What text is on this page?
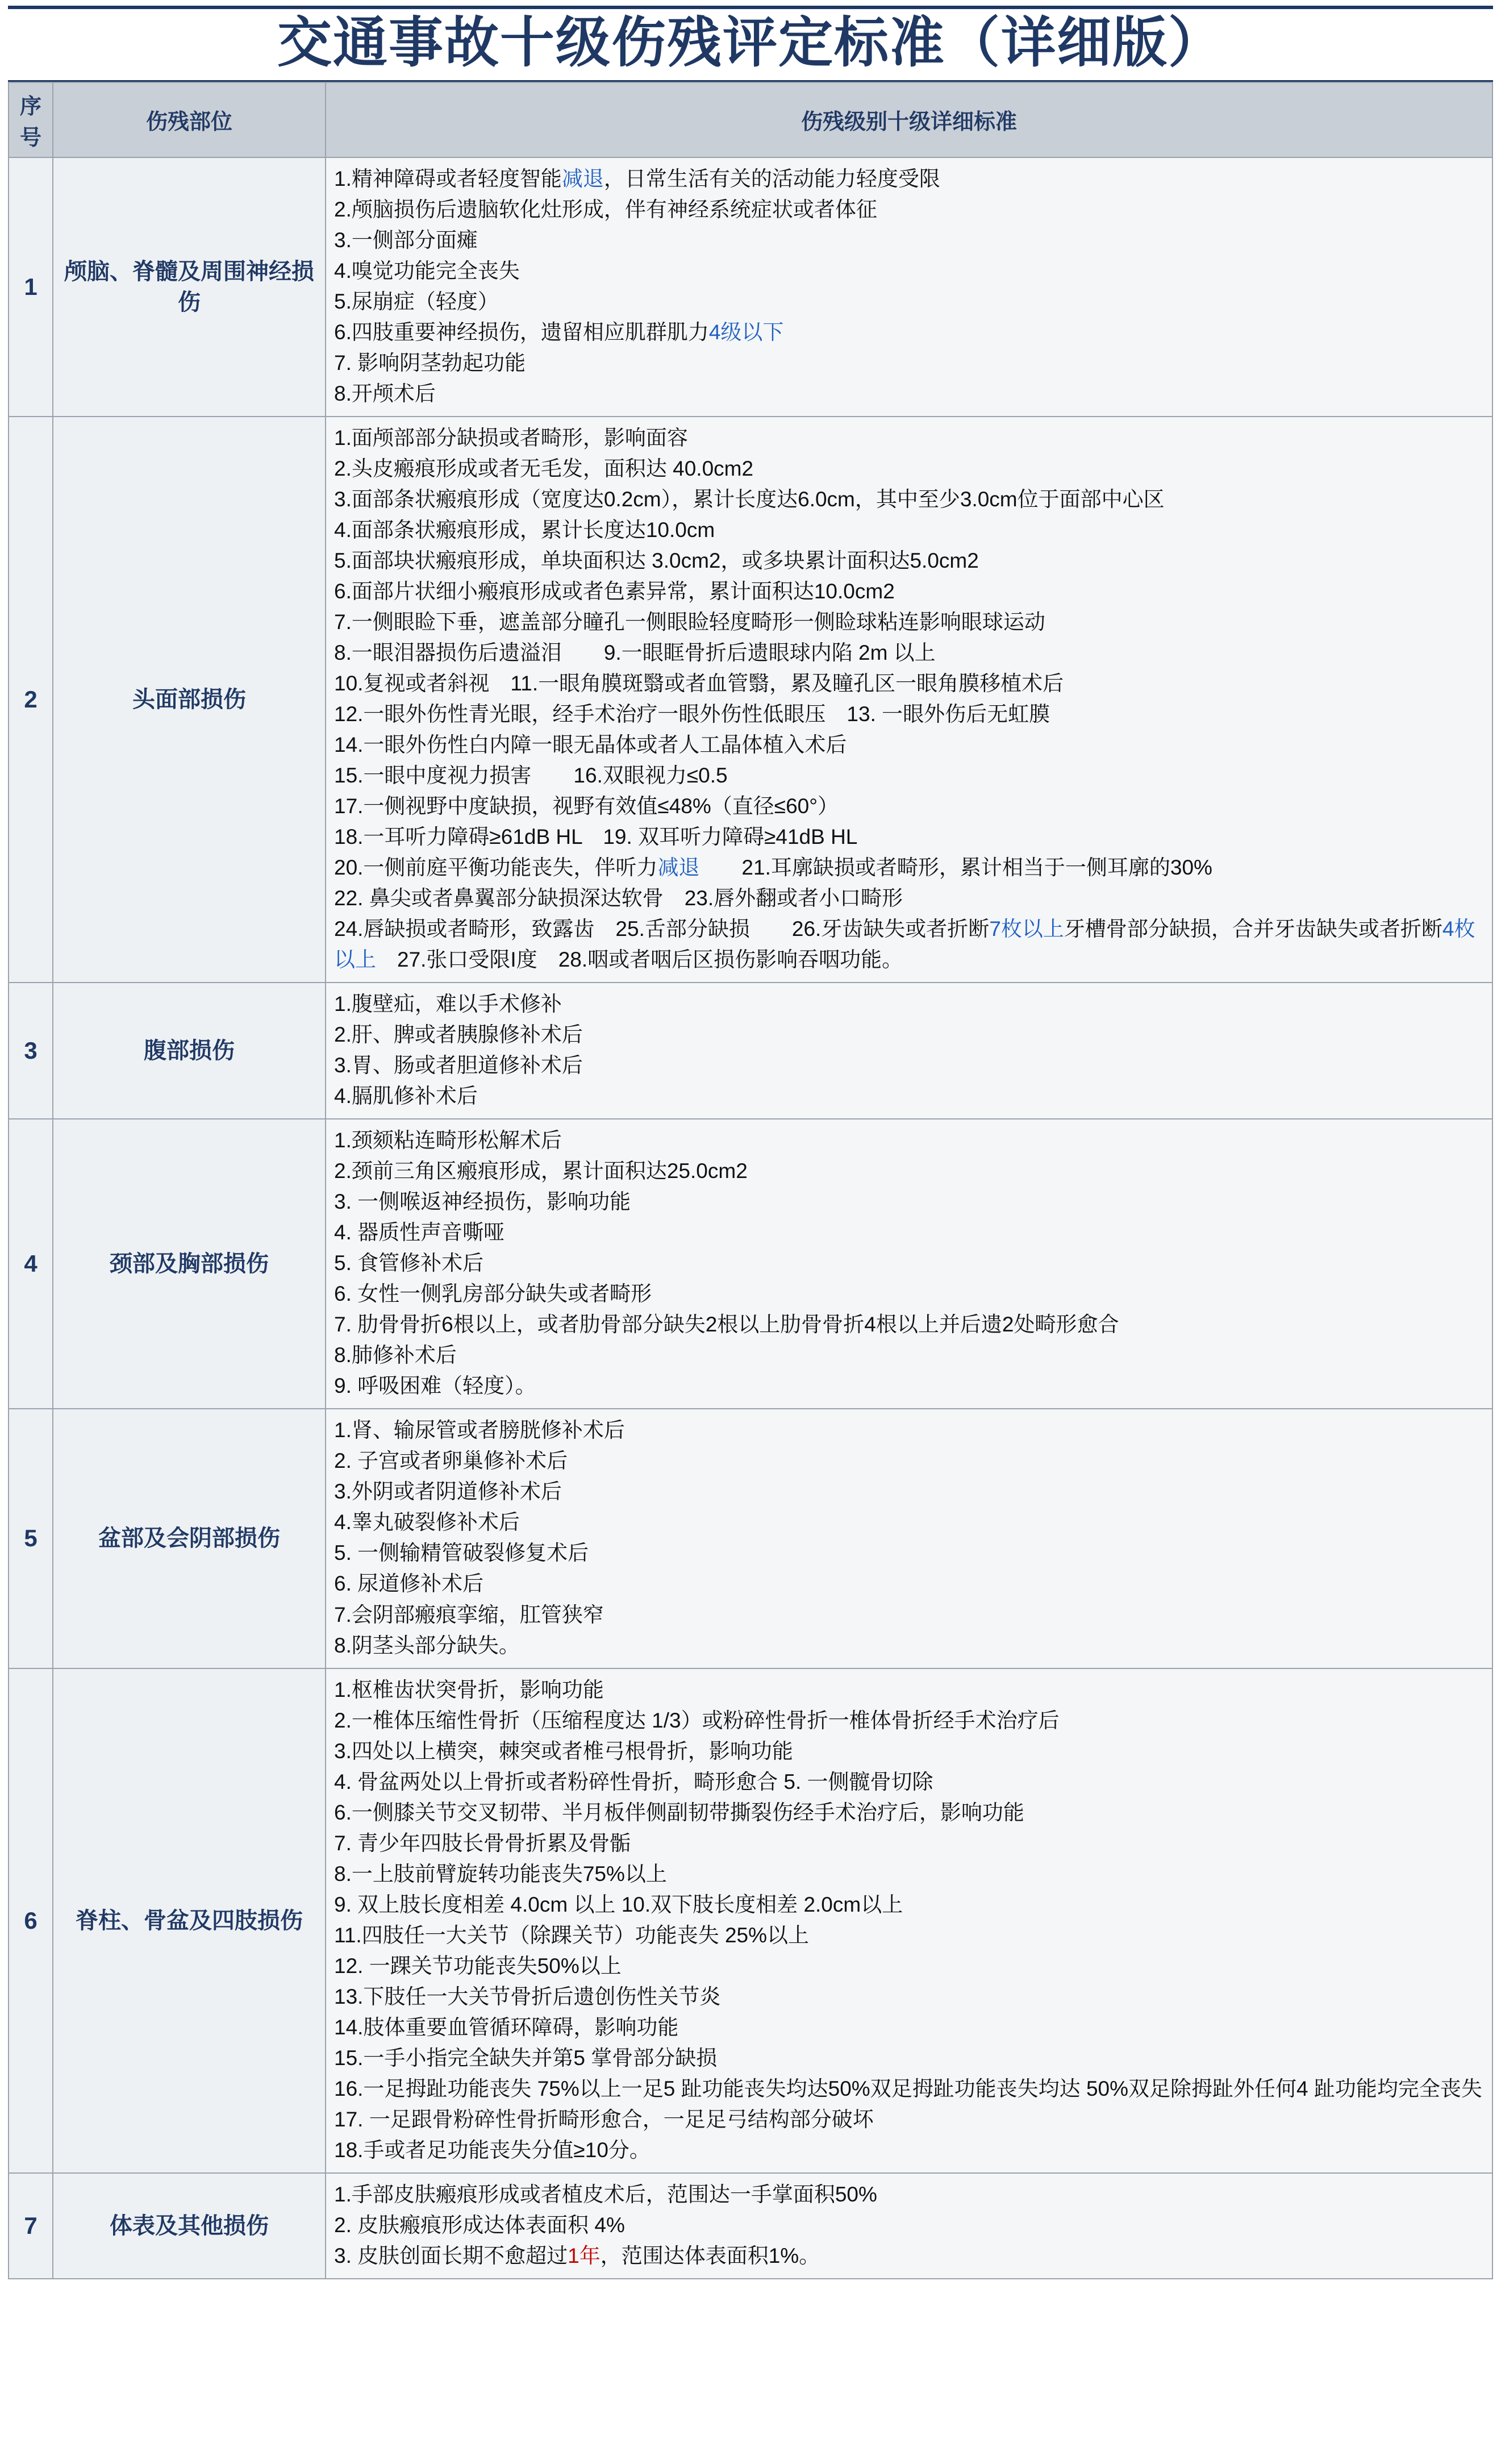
交通事故十级伤残评定标准（详细版）
序号	伤残部位	伤残级别十级详细标准
1	颅脑、脊髓及周围神经损伤	
1.精神障碍或者轻度智能减退，日常生活有关的活动能力轻度受限
2.颅脑损伤后遗脑软化灶形成，伴有神经系统症状或者体征
3.一侧部分面瘫
4.嗅觉功能完全丧失
5.尿崩症（轻度）
6.四肢重要神经损伤，遗留相应肌群肌力4级以下
7. 影响阴茎勃起功能
8.开颅术后

2	头面部损伤	
1.面颅部部分缺损或者畸形，影响面容
2.头皮瘢痕形成或者无毛发，面积达 40.0cm2
3.面部条状瘢痕形成（宽度达0.2cm），累计长度达6.0cm，其中至少3.0cm位于面部中心区
4.面部条状瘢痕形成，累计长度达10.0cm
5.面部块状瘢痕形成，单块面积达 3.0cm2，或多块累计面积达5.0cm2
6.面部片状细小瘢痕形成或者色素异常，累计面积达10.0cm2
7.一侧眼睑下垂，遮盖部分瞳孔一侧眼睑轻度畸形一侧睑球粘连影响眼球运动
8.一眼泪器损伤后遗溢泪　　9.一眼眶骨折后遗眼球内陷 2m 以上
10.复视或者斜视　11.一眼角膜斑翳或者血管翳，累及瞳孔区一眼角膜移植术后
12.一眼外伤性青光眼，经手术治疗一眼外伤性低眼压　13. 一眼外伤后无虹膜
14.一眼外伤性白内障一眼无晶体或者人工晶体植入术后
15.一眼中度视力损害　　16.双眼视力≤0.5
17.一侧视野中度缺损，视野有效值≤48%（直径≤60°）
18.一耳听力障碍≥61dB HL　19. 双耳听力障碍≥41dB HL
20.一侧前庭平衡功能丧失，伴听力减退　　21.耳廓缺损或者畸形，累计相当于一侧耳廓的30%
22. 鼻尖或者鼻翼部分缺损深达软骨　23.唇外翻或者小口畸形
24.唇缺损或者畸形，致露齿　25.舌部分缺损　　26.牙齿缺失或者折断7枚以上牙槽骨部分缺损，合并牙齿缺失或者折断4枚以上　27.张口受限I度　28.咽或者咽后区损伤影响吞咽功能。

3	腹部损伤	1.腹壁疝，难以手术修补
2.肝、脾或者胰腺修补术后
3.胃、肠或者胆道修补术后
4.膈肌修补术后

4	颈部及胸部损伤	
1.颈颏粘连畸形松解术后
2.颈前三角区瘢痕形成，累计面积达25.0cm2
3. 一侧喉返神经损伤，影响功能
4. 器质性声音嘶哑
5. 食管修补术后
6. 女性一侧乳房部分缺失或者畸形
7. 肋骨骨折6根以上，或者肋骨部分缺失2根以上肋骨骨折4根以上并后遗2处畸形愈合
8.肺修补术后
9. 呼吸困难（轻度）。

5	盆部及会阴部损伤	
1.肾、输尿管或者膀胱修补术后
2. 子宫或者卵巢修补术后
3.外阴或者阴道修补术后
4.睾丸破裂修补术后
5. 一侧输精管破裂修复术后
6. 尿道修补术后
7.会阴部瘢痕挛缩，肛管狭窄
8.阴茎头部分缺失。

6	脊柱、骨盆及四肢损伤	
1.枢椎齿状突骨折，影响功能
2.一椎体压缩性骨折（压缩程度达 1/3）或粉碎性骨折一椎体骨折经手术治疗后
3.四处以上横突，棘突或者椎弓根骨折，影响功能
4. 骨盆两处以上骨折或者粉碎性骨折，畸形愈合 5. 一侧髋骨切除
6.一侧膝关节交叉韧带、半月板伴侧副韧带撕裂伤经手术治疗后，影响功能
7. 青少年四肢长骨骨折累及骨骺
8.一上肢前臂旋转功能丧失75%以上
9. 双上肢长度相差 4.0cm 以上 10.双下肢长度相差 2.0cm以上
11.四肢任一大关节（除踝关节）功能丧失 25%以上
12. 一踝关节功能丧失50%以上
13.下肢任一大关节骨折后遗创伤性关节炎
14.肢体重要血管循环障碍，影响功能
15.一手小指完全缺失并第5 掌骨部分缺损
16.一足拇趾功能丧失 75%以上一足5 趾功能丧失均达50%双足拇趾功能丧失均达 50%双足除拇趾外任何4 趾功能均完全丧失
17. 一足跟骨粉碎性骨折畸形愈合，一足足弓结构部分破坏
18.手或者足功能丧失分值≥10分。

7	体表及其他损伤	1.手部皮肤瘢痕形成或者植皮术后，范围达一手掌面积50%
2. 皮肤瘢痕形成达体表面积 4%
3. 皮肤创面长期不愈超过1年，范围达体表面积1%。
